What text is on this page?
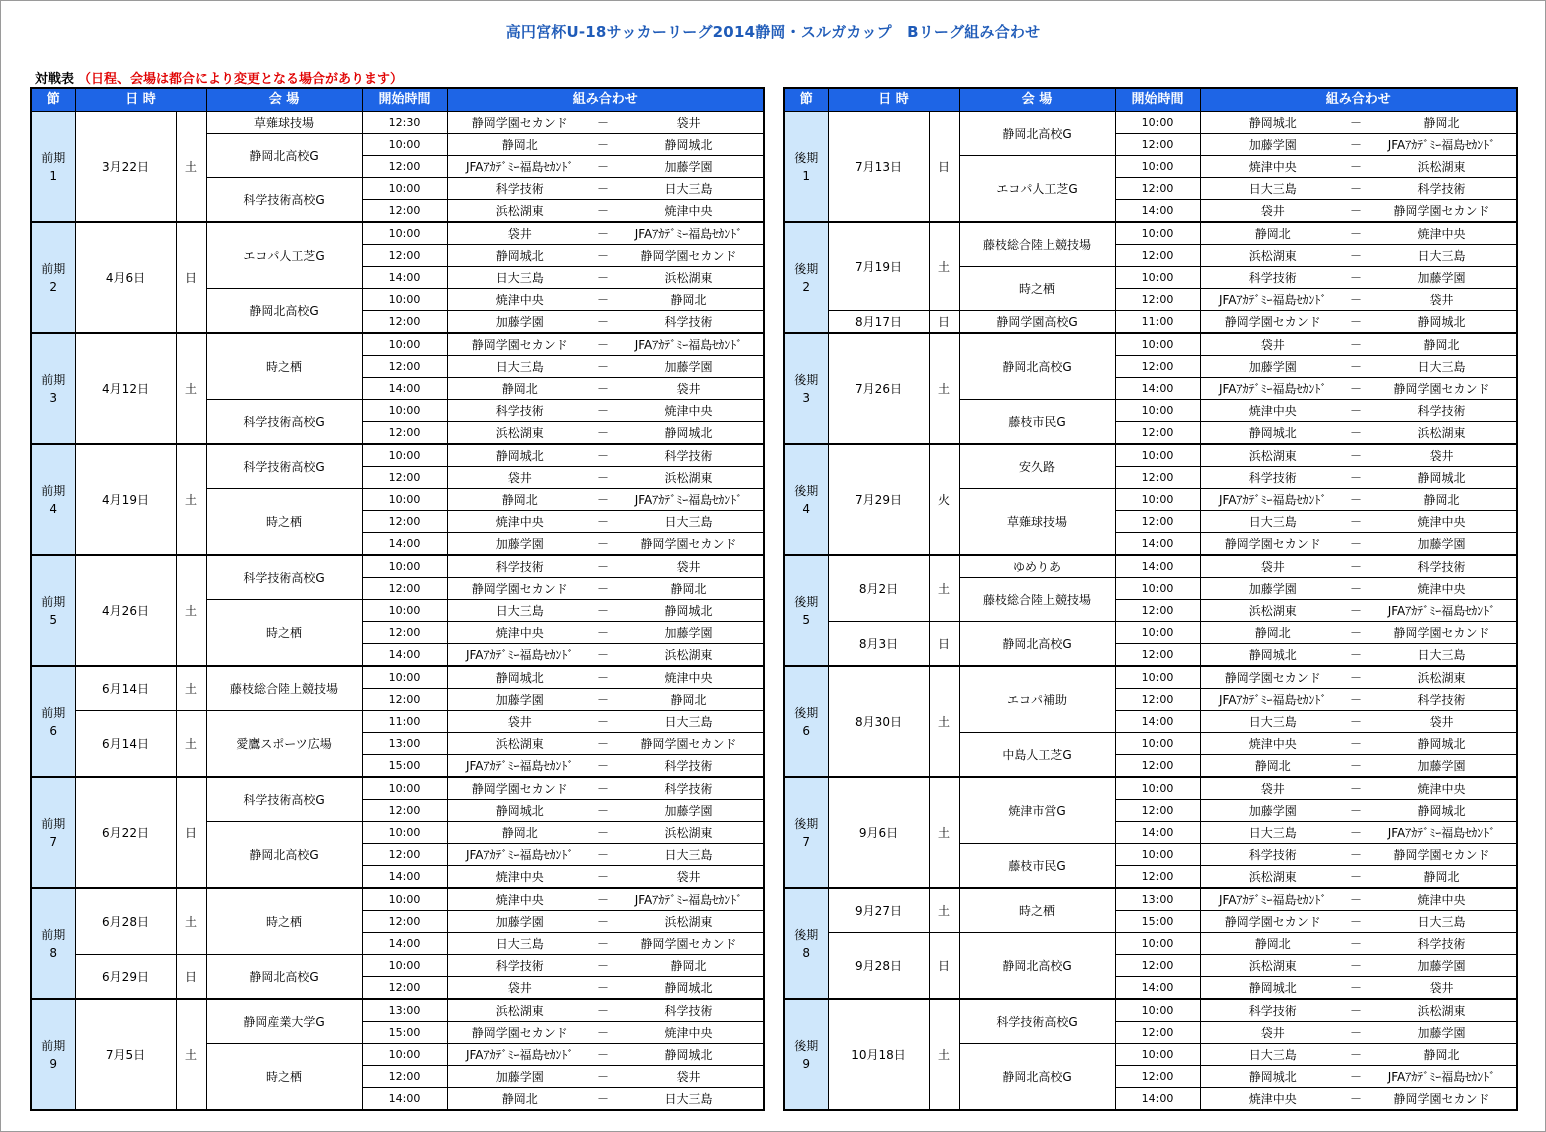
高円宮杯U-18サッカーリーグ2014静岡・スルガカップ　Bリーグ組み合わせ
対戦表 （日程、会場は都合により変更となる場合があります）
節	日 時		会 場	開始時間	組み合わせ		
前期
1	3月22日	土	草薙球技場	12:30	静岡学園セカンド	－	袋井
			静岡北高校G	10:00	静岡北	－	静岡城北
				12:00	JFAｱｶﾃﾞﾐｰ福島ｾｶﾝﾄﾞ	－	加藤学園
			科学技術高校G	10:00	科学技術	－	日大三島
				12:00	浜松湖東	－	焼津中央
前期
2	4月6日	日	エコパ人工芝G	10:00	袋井	－	JFAｱｶﾃﾞﾐｰ福島ｾｶﾝﾄﾞ
				12:00	静岡城北	－	静岡学園セカンド
				14:00	日大三島	－	浜松湖東
			静岡北高校G	10:00	焼津中央	－	静岡北
				12:00	加藤学園	－	科学技術
前期
3	4月12日	土	時之栖	10:00	静岡学園セカンド	－	JFAｱｶﾃﾞﾐｰ福島ｾｶﾝﾄﾞ
				12:00	日大三島	－	加藤学園
				14:00	静岡北	－	袋井
			科学技術高校G	10:00	科学技術	－	焼津中央
				12:00	浜松湖東	－	静岡城北
前期
4	4月19日	土	科学技術高校G	10:00	静岡城北	－	科学技術
				12:00	袋井	－	浜松湖東
			時之栖	10:00	静岡北	－	JFAｱｶﾃﾞﾐｰ福島ｾｶﾝﾄﾞ
				12:00	焼津中央	－	日大三島
				14:00	加藤学園	－	静岡学園セカンド
前期
5	4月26日	土	科学技術高校G	10:00	科学技術	－	袋井
				12:00	静岡学園セカンド	－	静岡北
			時之栖	10:00	日大三島	－	静岡城北
				12:00	焼津中央	－	加藤学園
				14:00	JFAｱｶﾃﾞﾐｰ福島ｾｶﾝﾄﾞ	－	浜松湖東
前期
6	6月14日	土	藤枝総合陸上競技場	10:00	静岡城北	－	焼津中央
				12:00	加藤学園	－	静岡北
	6月14日	土	愛鷹スポーツ広場	11:00	袋井	－	日大三島
				13:00	浜松湖東	－	静岡学園セカンド
				15:00	JFAｱｶﾃﾞﾐｰ福島ｾｶﾝﾄﾞ	－	科学技術
前期
7	6月22日	日	科学技術高校G	10:00	静岡学園セカンド	－	科学技術
				12:00	静岡城北	－	加藤学園
			静岡北高校G	10:00	静岡北	－	浜松湖東
				12:00	JFAｱｶﾃﾞﾐｰ福島ｾｶﾝﾄﾞ	－	日大三島
				14:00	焼津中央	－	袋井
前期
8	6月28日	土	時之栖	10:00	焼津中央	－	JFAｱｶﾃﾞﾐｰ福島ｾｶﾝﾄﾞ
				12:00	加藤学園	－	浜松湖東
				14:00	日大三島	－	静岡学園セカンド
	6月29日	日	静岡北高校G	10:00	科学技術	－	静岡北
				12:00	袋井	－	静岡城北
前期
9	7月5日	土	静岡産業大学G	13:00	浜松湖東	－	科学技術
				15:00	静岡学園セカンド	－	焼津中央
			時之栖	10:00	JFAｱｶﾃﾞﾐｰ福島ｾｶﾝﾄﾞ	－	静岡城北
				12:00	加藤学園	－	袋井
				14:00	静岡北	－	日大三島
節	日 時		会 場	開始時間	組み合わせ		
後期
1	7月13日	日	静岡北高校G	10:00	静岡城北	－	静岡北
				12:00	加藤学園	－	JFAｱｶﾃﾞﾐｰ福島ｾｶﾝﾄﾞ
			エコパ人工芝G	10:00	焼津中央	－	浜松湖東
				12:00	日大三島	－	科学技術
				14:00	袋井	－	静岡学園セカンド
後期
2	7月19日	土	藤枝総合陸上競技場	10:00	静岡北	－	焼津中央
				12:00	浜松湖東	－	日大三島
			時之栖	10:00	科学技術	－	加藤学園
				12:00	JFAｱｶﾃﾞﾐｰ福島ｾｶﾝﾄﾞ	－	袋井
	8月17日	日	静岡学園高校G	11:00	静岡学園セカンド	－	静岡城北
後期
3	7月26日	土	静岡北高校G	10:00	袋井	－	静岡北
				12:00	加藤学園	－	日大三島
				14:00	JFAｱｶﾃﾞﾐｰ福島ｾｶﾝﾄﾞ	－	静岡学園セカンド
			藤枝市民G	10:00	焼津中央	－	科学技術
				12:00	静岡城北	－	浜松湖東
後期
4	7月29日	火	安久路	10:00	浜松湖東	－	袋井
				12:00	科学技術	－	静岡城北
			草薙球技場	10:00	JFAｱｶﾃﾞﾐｰ福島ｾｶﾝﾄﾞ	－	静岡北
				12:00	日大三島	－	焼津中央
				14:00	静岡学園セカンド	－	加藤学園
後期
5	8月2日	土	ゆめりあ	14:00	袋井	－	科学技術
			藤枝総合陸上競技場	10:00	加藤学園	－	焼津中央
				12:00	浜松湖東	－	JFAｱｶﾃﾞﾐｰ福島ｾｶﾝﾄﾞ
	8月3日	日	静岡北高校G	10:00	静岡北	－	静岡学園セカンド
				12:00	静岡城北	－	日大三島
後期
6	8月30日	土	エコパ補助	10:00	静岡学園セカンド	－	浜松湖東
				12:00	JFAｱｶﾃﾞﾐｰ福島ｾｶﾝﾄﾞ	－	科学技術
				14:00	日大三島	－	袋井
			中島人工芝G	10:00	焼津中央	－	静岡城北
				12:00	静岡北	－	加藤学園
後期
7	9月6日	土	焼津市営G	10:00	袋井	－	焼津中央
				12:00	加藤学園	－	静岡城北
				14:00	日大三島	－	JFAｱｶﾃﾞﾐｰ福島ｾｶﾝﾄﾞ
			藤枝市民G	10:00	科学技術	－	静岡学園セカンド
				12:00	浜松湖東	－	静岡北
後期
8	9月27日	土	時之栖	13:00	JFAｱｶﾃﾞﾐｰ福島ｾｶﾝﾄﾞ	－	焼津中央
				15:00	静岡学園セカンド	－	日大三島
	9月28日	日	静岡北高校G	10:00	静岡北	－	科学技術
				12:00	浜松湖東	－	加藤学園
				14:00	静岡城北	－	袋井
後期
9	10月18日	土	科学技術高校G	10:00	科学技術	－	浜松湖東
				12:00	袋井	－	加藤学園
			静岡北高校G	10:00	日大三島	－	静岡北
				12:00	静岡城北	－	JFAｱｶﾃﾞﾐｰ福島ｾｶﾝﾄﾞ
				14:00	焼津中央	－	静岡学園セカンド
